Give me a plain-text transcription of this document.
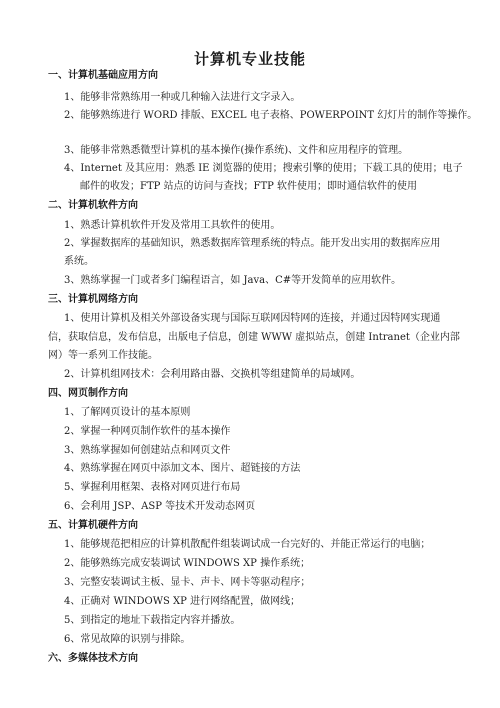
计算机专业技能
一、计算机基础应用方向
1、能够非常熟练用一种或几种输入法进行文字录入。
2、能够熟练进行 WORD 排版、EXCEL 电子表格、POWERPOINT 幻灯片的制作等操作。
3、能够非常熟悉微型计算机的基本操作(操作系统)、文件和应用程序的管理。
4、Internet 及其应用：熟悉 IE 浏览器的使用；搜索引擎的使用；下载工具的使用；电子
邮件的收发；FTP 站点的访问与查找；FTP 软件使用；即时通信软件的使用
二、计算机软件方向
1、熟悉计算机软件开发及常用工具软件的使用。
2、掌握数据库的基础知识，熟悉数据库管理系统的特点。能开发出实用的数据库应用
系统。
3、熟练掌握一门或者多门编程语言，如 Java、C#等开发简单的应用软件。
三、计算机网络方向
1、使用计算机及相关外部设备实现与国际互联网因特网的连接，并通过因特网实现通
信，获取信息，发布信息，出版电子信息，创建 WWW 虚拟站点，创建 Intranet（企业内部
网）等一系列工作技能。
2、计算机组网技术：会利用路由器、交换机等组建简单的局域网。
四、网页制作方向
1、了解网页设计的基本原则
2、掌握一种网页制作软件的基本操作
3、熟练掌握如何创建站点和网页文件
4、熟练掌握在网页中添加文本、图片、超链接的方法
5、掌握利用框架、表格对网页进行布局
6、会利用 JSP、ASP 等技术开发动态网页
五、计算机硬件方向
1、能够规范把相应的计算机散配件组装调试成一台完好的、并能正常运行的电脑；
2、能够熟练完成安装调试 WINDOWS XP 操作系统；
3、完整安装调试主板、显卡、声卡、网卡等驱动程序；
4、正确对 WINDOWS XP 进行网络配置，做网线；
5、到指定的地址下载指定内容并播放。
6、常见故障的识别与排除。
六、多媒体技术方向
